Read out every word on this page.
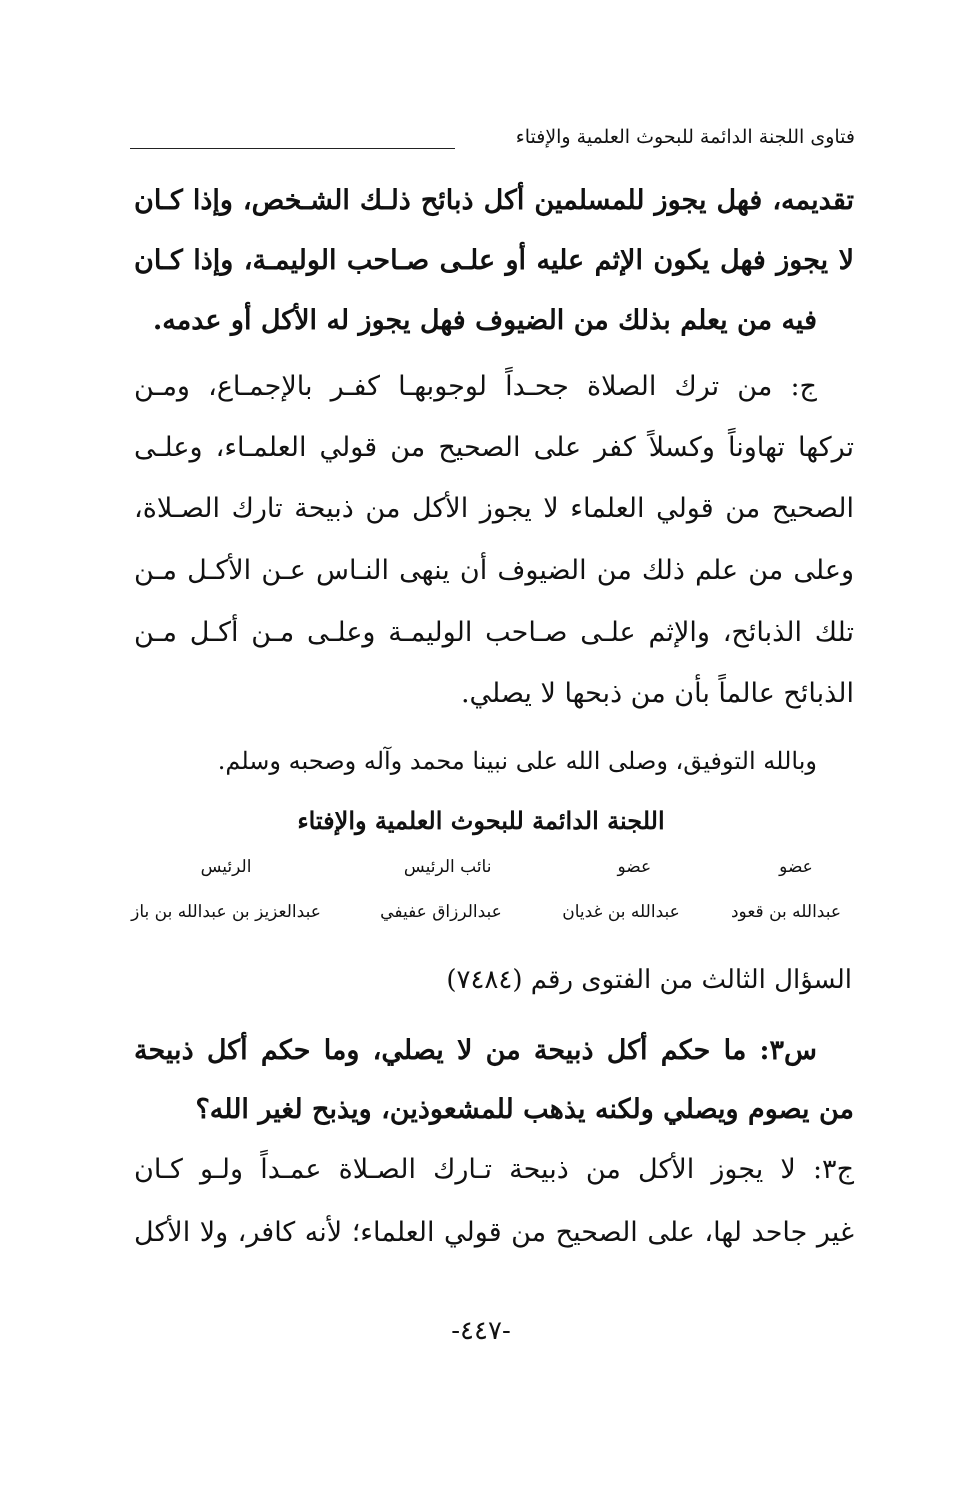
فتاوى اللجنة الدائمة للبحوث العلمية والإفتاء
تقديمه، فهل يجوز للمسلمين أكل ذبائح ذلـك الشـخص، وإذا كـان
لا يجوز فهل يكون الإثم عليه أو علـى صـاحب الوليمـة، وإذا كـان
فيه من يعلم بذلك من الضيوف فهل يجوز له الأكل أو عدمه.
ج: من ترك الصلاة جحـداً لوجوبهـا كفـر بالإجمـاع، ومـن
تركها تهاوناً وكسلاً كفر على الصحيح من قولي العلمـاء، وعلـى
الصحيح من قولي العلماء لا يجوز الأكل من ذبيحة تارك الصـلاة،
وعلى من علم ذلك من الضيوف أن ينهى النـاس عـن الأكـل مـن
تلك الذبائح، والإثم علـى صـاحب الوليمـة وعلـى مـن أكـل مـن
الذبائح عالماً بأن من ذبحها لا يصلي.
وبالله التوفيق، وصلى الله على نبينا محمد وآله وصحبه وسلم.
اللجنة الدائمة للبحوث العلمية والإفتاء
عضو
عضو
نائب الرئيس
الرئيس
عبدالله بن قعود
عبدالله بن غديان
عبدالرزاق عفيفي
عبدالعزيز بن عبدالله بن باز
السؤال الثالث من الفتوى رقم (٧٤٨٤)
س٣: ما حكم أكل ذبيحة من لا يصلي، وما حكم أكل ذبيحة
من يصوم ويصلي ولكنه يذهب للمشعوذين، ويذبح لغير الله؟
ج٣: لا يجوز الأكل من ذبيحة تـارك الصـلاة عمـداً ولـو كـان
غير جاحد لها، على الصحيح من قولي العلماء؛ لأنه كافر، ولا الأكل
-٤٤٧-
